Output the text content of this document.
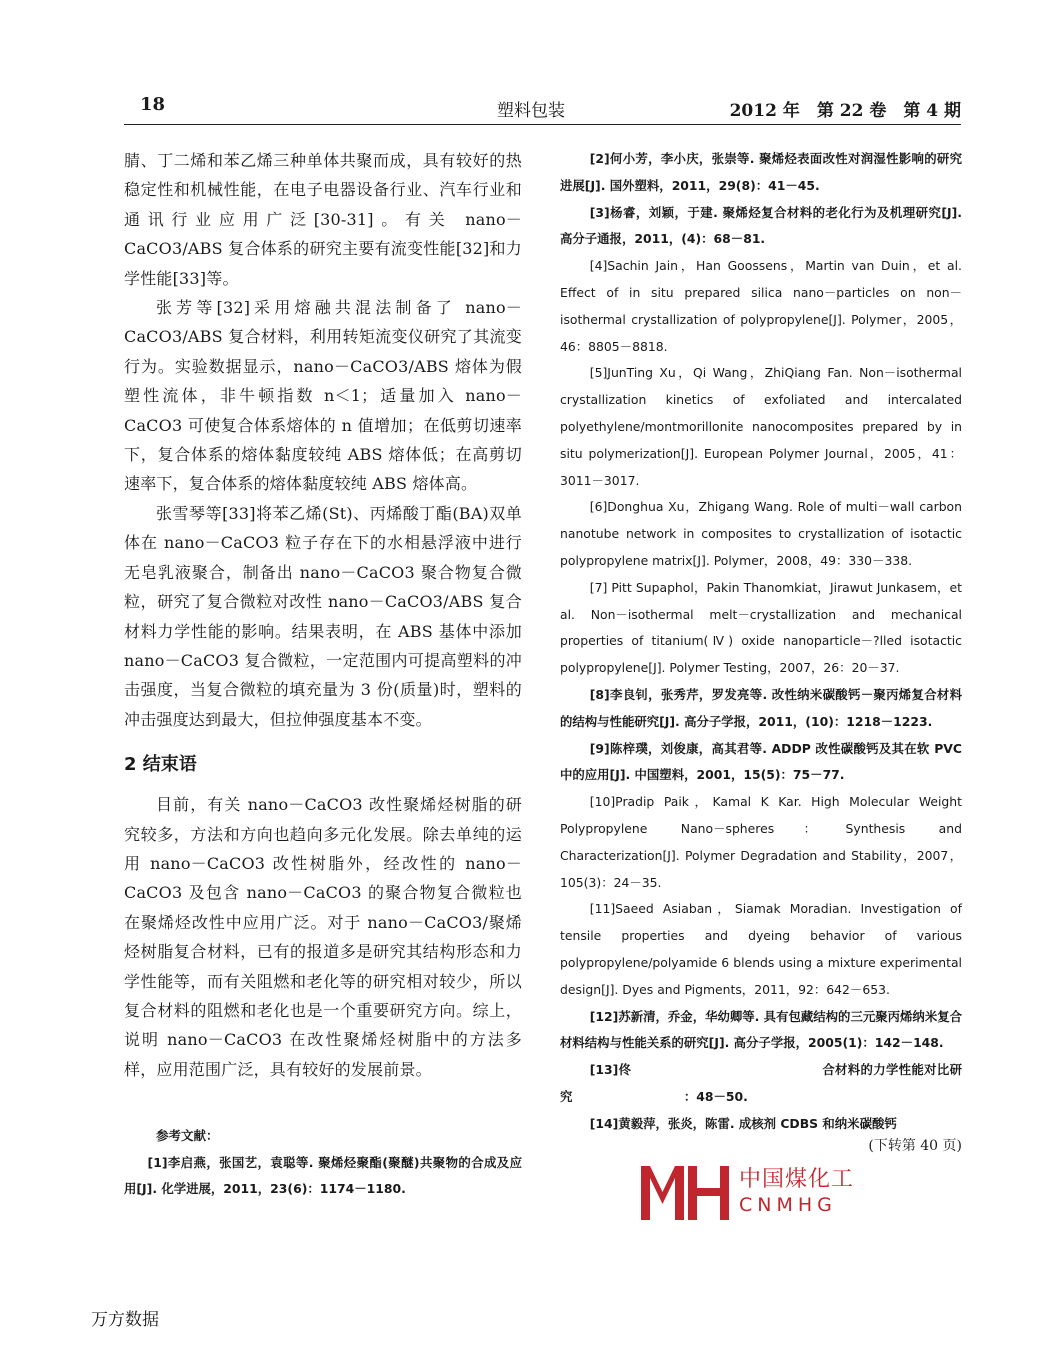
18	塑料包装	2012 年　第 22 卷　第 4 期

腈、丁二烯和苯乙烯三种单体共聚而成，具有较好的热稳定性和机械性能，在电子电器设备行业、汽车行业和通讯行业应用广泛[30-31]。有关 nano－CaCO3/ABS 复合体系的研究主要有流变性能[32]和力学性能[33]等。

张芳等[32]采用熔融共混法制备了 nano－CaCO3/ABS 复合材料，利用转矩流变仪研究了其流变行为。实验数据显示，nano－CaCO3/ABS 熔体为假塑性流体，非牛顿指数 n＜1；适量加入 nano－CaCO3 可使复合体系熔体的 n 值增加；在低剪切速率下，复合体系的熔体黏度较纯 ABS 熔体低；在高剪切速率下，复合体系的熔体黏度较纯 ABS 熔体高。

张雪琴等[33]将苯乙烯(St)、丙烯酸丁酯(BA)双单体在 nano－CaCO3 粒子存在下的水相悬浮液中进行无皂乳液聚合，制备出 nano－CaCO3 聚合物复合微粒，研究了复合微粒对改性 nano－CaCO3/ABS 复合材料力学性能的影响。结果表明，在 ABS 基体中添加 nano－CaCO3 复合微粒，一定范围内可提高塑料的冲击强度，当复合微粒的填充量为 3 份(质量)时，塑料的冲击强度达到最大，但拉伸强度基本不变。

2 结束语

目前，有关 nano－CaCO3 改性聚烯烃树脂的研究较多，方法和方向也趋向多元化发展。除去单纯的运用 nano－CaCO3 改性树脂外，经改性的 nano－CaCO3 及包含 nano－CaCO3 的聚合物复合微粒也在聚烯烃改性中应用广泛。对于 nano－CaCO3/聚烯烃树脂复合材料，已有的报道多是研究其结构形态和力学性能等，而有关阻燃和老化等的研究相对较少，所以复合材料的阻燃和老化也是一个重要研究方向。综上，说明 nano－CaCO3 在改性聚烯烃树脂中的方法多样，应用范围广泛，具有较好的发展前景。

参考文献：

[1]李启燕，张国艺，袁聪等. 聚烯烃聚酯(聚醚)共聚物的合成及应用[J]. 化学进展，2011，23(6)：1174－1180.

[2]何小芳，李小庆，张崇等. 聚烯烃表面改性对润湿性影响的研究进展[J]. 国外塑料，2011，29(8)：41－45.

[3]杨睿，刘颖，于建. 聚烯烃复合材料的老化行为及机理研究[J]. 高分子通报，2011，(4)：68－81.

[4]Sachin Jain，Han Goossens，Martin van Duin，et al. Effect of in situ prepared silica nano－particles on non－isothermal crystallization of polypropylene[J]. Polymer，2005，46：8805－8818.

[5]JunTing Xu，Qi Wang，ZhiQiang Fan. Non－isothermal crystallization kinetics of exfoliated and intercalated polyethylene/montmorillonite nanocomposites prepared by in situ polymerization[J]. European Polymer Journal，2005，41：3011－3017.

[6]Donghua Xu，Zhigang Wang. Role of multi－wall carbon nanotube network in composites to crystallization of isotactic polypropylene matrix[J]. Polymer，2008，49：330－338.

[7] Pitt Supaphol，Pakin Thanomkiat，Jirawut Junkasem，et al. Non－isothermal melt－crystallization and mechanical properties of titanium(Ⅳ) oxide nanoparticle－?lled isotactic polypropylene[J]. Polymer Testing，2007，26：20－37.

[8]李良钊，张秀芹，罗发亮等. 改性纳米碳酸钙－聚丙烯复合材料的结构与性能研究[J]. 高分子学报，2011，(10)：1218－1223.

[9]陈梓璞，刘俊康，高其君等. ADDP 改性碳酸钙及其在软 PVC 中的应用[J]. 中国塑料，2001，15(5)：75－77.

[10]Pradip Paik，Kamal K Kar. High Molecular Weight Polypropylene Nano－spheres：Synthesis and Characterization[J]. Polymer Degradation and Stability，2007，105(3)：24－35.

[11]Saeed Asiaban，Siamak Moradian. Investigation of tensile properties and dyeing behavior of various polypropylene/polyamide 6 blends using a mixture experimental design[J]. Dyes and Pigments，2011，92：642－653.

[12]苏新清，乔金，华幼卿等. 具有包藏结构的三元聚丙烯纳米复合材料结构与性能关系的研究[J]. 高分子学报，2005(1)：142－148.

[13]佟　　　　　　　　　　　　　　　合材料的力学性能对比研究　　　　　　　　　：48－50.

[14]黄毅萍，张炎，陈雷. 成核剂 CDBS 和纳米碳酸钙

(下转第 40 页)
中国煤化工
CNMHG
万方数据
